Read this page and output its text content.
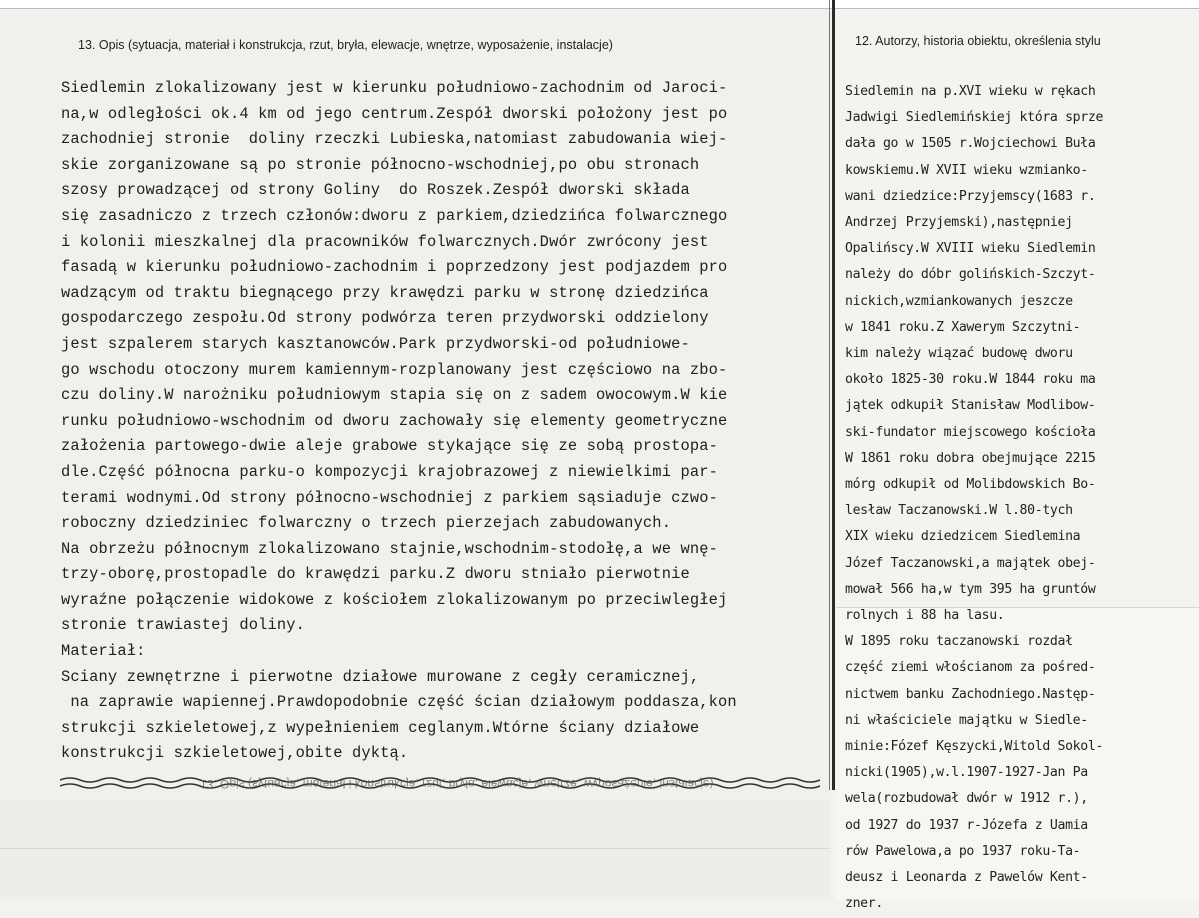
13. Opis (sytuacja, materiał i konstrukcja, rzut, bryła, elewacje, wnętrze, wyposażenie, instalacje)	12. Autorzy, historia obiektu, określenia stylu
Siedlemin zlokalizowany jest w kierunku południowo-zachodnim od Jaroci-
na,w odległości ok.4 km od jego centrum.Zespół dworski położony jest po
zachodniej stronie  doliny rzeczki Lubieska,natomiast zabudowania wiej-
skie zorganizowane są po stronie północno-wschodniej,po obu stronach
szosy prowadzącej od strony Goliny  do Roszek.Zespół dworski składa
się zasadniczo z trzech członów:dworu z parkiem,dziedzińca folwarcznego
i kolonii mieszkalnej dla pracowników folwarcznych.Dwór zwrócony jest
fasadą w kierunku południowo-zachodnim i poprzedzony jest podjazdem pro
wadzącym od traktu biegnącego przy krawędzi parku w stronę dziedzińca
gospodarczego zespołu.Od strony podwórza teren przydworski oddzielony
jest szpalerem starych kasztanowców.Park przydworski-od południowe-
go wschodu otoczony murem kamiennym-rozplanowany jest częściowo na zbo-
czu doliny.W narożniku południowym stapia się on z sadem owocowym.W kie
runku południowo-wschodnim od dworu zachowały się elementy geometryczne
założenia partowego-dwie aleje grabowe stykające się ze sobą prostopa-
dle.Część północna parku-o kompozycji krajobrazowej z niewielkimi par-
terami wodnymi.Od strony północno-wschodniej z parkiem sąsiaduje czwo-
roboczny dziedziniec folwarczny o trzech pierzejach zabudowanych.
Na obrzeżu północnym zlokalizowano stajnie,wschodnim-stodołę,a we wnę-
trzy-oborę,prostopadle do krawędzi parku.Z dworu stniało pierwotnie
wyraźne połączenie widokowe z kościołem zlokalizowanym po przeciwległej
stronie trawiastej doliny.
Materiał:
Sciany zewnętrzne i pierwotne działowe murowane z cegły ceramicznej,
na zaprawie wapiennej.Prawdopodobnie część ścian działowym poddasza,kon
strukcji szkieletowej,z wypełnieniem ceglanym.Wtórne ściany działowe
konstrukcji szkieletowej,obite dyktą.
Siedlemin na p.XVI wieku w rękach
Jadwigi Siedlemińskiej która sprze
dała go w 1505 r.Wojciechowi Buła
kowskiemu.W XVII wieku wzmianko-
wani dziedzice:Przyjemscy(1683 r.
Andrzej Przyjemski),następniej
Opalińscy.W XVIII wieku Siedlemin
należy do dóbr golińskich-Szczyt-
nickich,wzmiankowanych jeszcze
w 1841 roku.Z Xawerym Szczytni-
kim należy wiązać budowę dworu
około 1825-30 roku.W 1844 roku ma
jątek odkupił Stanisław Modlibow-
ski-fundator miejscowego kościoła
W 1861 roku dobra obejmujące 2215
mórg odkupił od Molibdowskich Bo-
lesław Taczanowski.W l.80-tych
XIX wieku dziedzicem Siedlemina
Józef Taczanowski,a majątek obej-
mował 566 ha,w tym 395 ha gruntów
rolnych i 88 ha lasu.
W 1895 roku taczanowski rozdał
część ziemi włościanom za pośred-
nictwem banku Zachodniego.Następ-
ni właściciele majątku w Siedle-
minie:Fózef Kęszycki,Witold Sokol-
nicki(1905),w.l.1907-1927-Jan Pa
wela(rozbudował dwór w 1912 r.),
od 1927 do 1937 r-Józefa z Uamia
rów Pawelowa,a po 1937 roku-Ta-
deusz i Leonarda z Pawelów Kent-
zner.
13. Opis (sytuacja, materiał i konstrukcja, rzut, bryła, elewacje, wnętrze, wyposażenie, instalacje)
